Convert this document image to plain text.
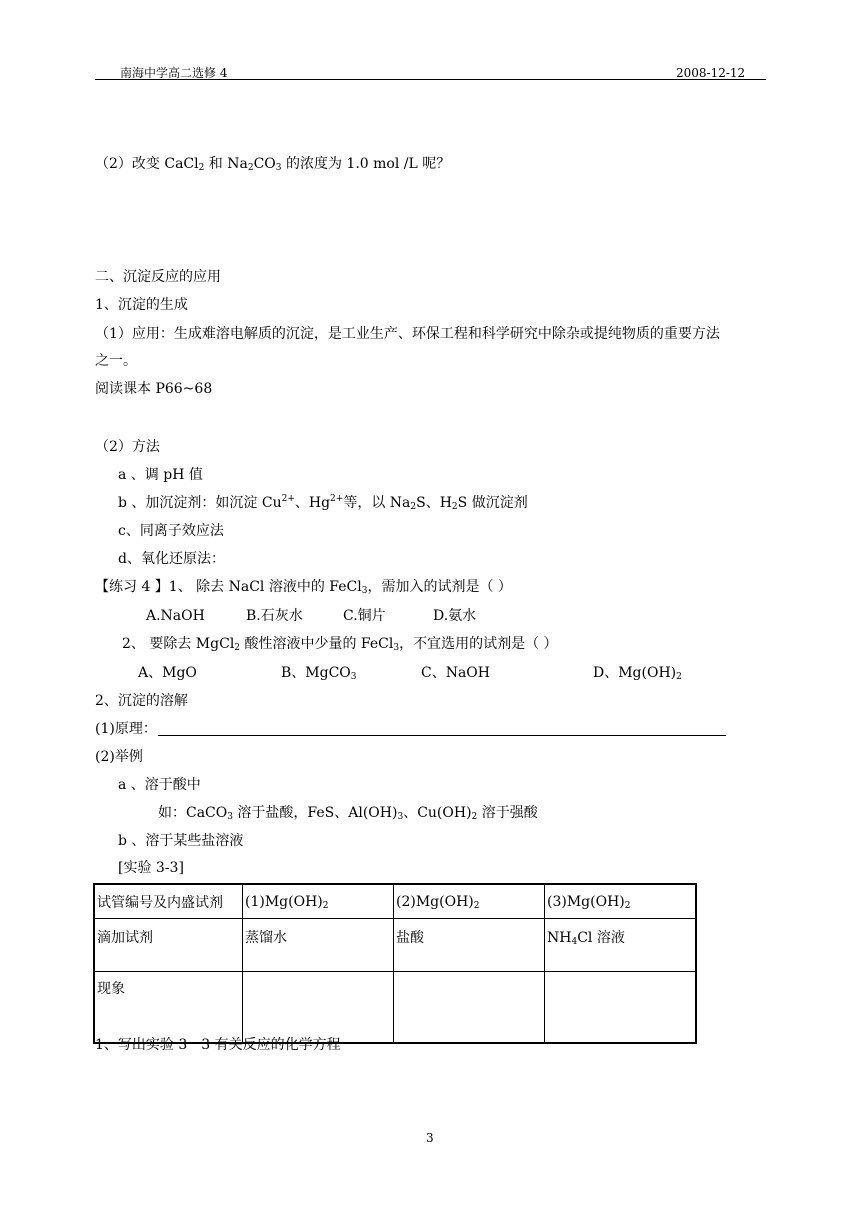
南海中学高二选修 4	2008-12-12
（2）改变 CaCl$_2$ 和 $Na_2CO_3$ 的浓度为 1.0 mol /L 呢？
二、沉淀反应的应用
1、沉淀的生成
（1）应用：生成难溶电解质的沉淀，是工业生产、环保工程和科学研究中除杂或提纯物质的重要方法
之一。
阅读课本 P66~68
（2）方法
a 、调 pH 值
b 、加沉淀剂：如沉淀 $Cu^{2+}$、$Hg^{2+}$等，以 $Na_2S$、$H_2S$ 做沉淀剂
c、同离子效应法
d、氧化还原法：
【练习 4 】1、 除去 NaCl 溶液中的 FeCl$_3$，需加入的试剂是（ ）
A.NaOH	B.石灰水	C.铜片	D.氨水
2、 要除去 MgCl$_2$ 酸性溶液中少量的 FeCl$_3$，不宜选用的试剂是（ ）
A、MgO	B、MgCO$_3$	C、NaOH	D、$Mg(OH)_2$
2、沉淀的溶解
(1)原理：
(2)举例
a 、溶于酸中
如：CaCO$_3$ 溶于盐酸，FeS、$Al(OH)_3$、$Cu(OH)_2$ 溶于强酸
b 、溶于某些盐溶液
[实验 3-3]
试管编号及内盛试剂	$(1)Mg(OH)_2$	$(2)Mg(OH)_2$	$(3)Mg(OH)_2$
滴加试剂	蒸馏水	盐酸	$NH_4Cl$ 溶液
现象			
1、写出实验 3－3 有关反应的化学方程
3
